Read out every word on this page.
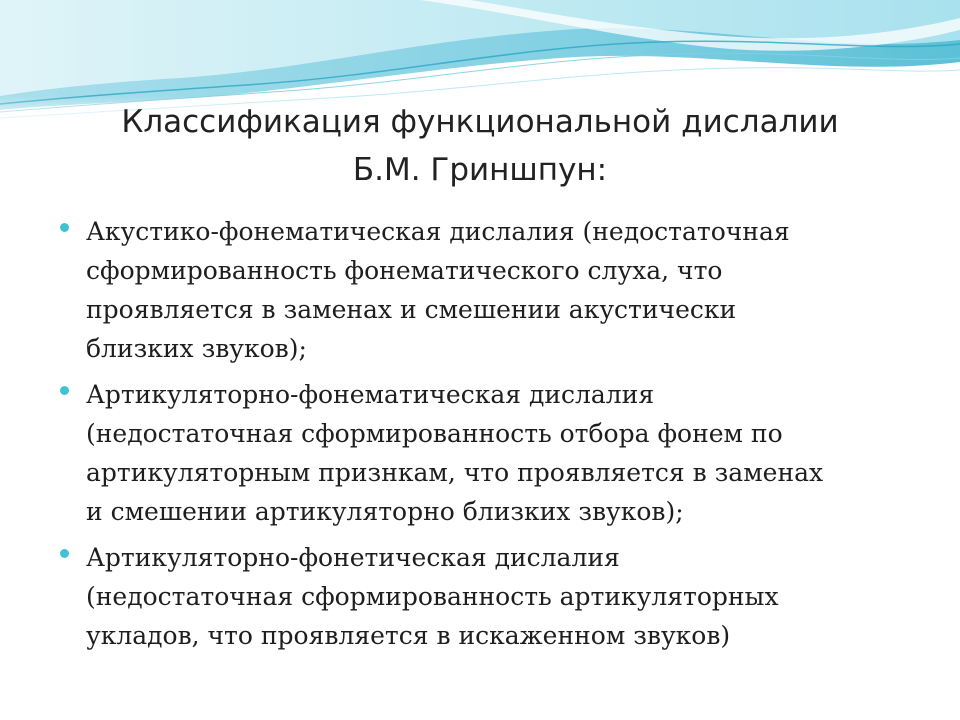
Классификация функциональной дислалии
Б.М. Гриншпун:
Акустико-фонематическая дислалия (недостаточная
сформированность фонематического слуха, что
проявляется в заменах и смешении акустически
близких звуков);
Артикуляторно-фонематическая дислалия
(недостаточная сформированность отбора фонем по
артикуляторным признкам, что проявляется в заменах
и смешении артикуляторно близких звуков);
Артикуляторно-фонетическая дислалия
(недостаточная сформированность артикуляторных
укладов, что проявляется в искаженном звуков)
